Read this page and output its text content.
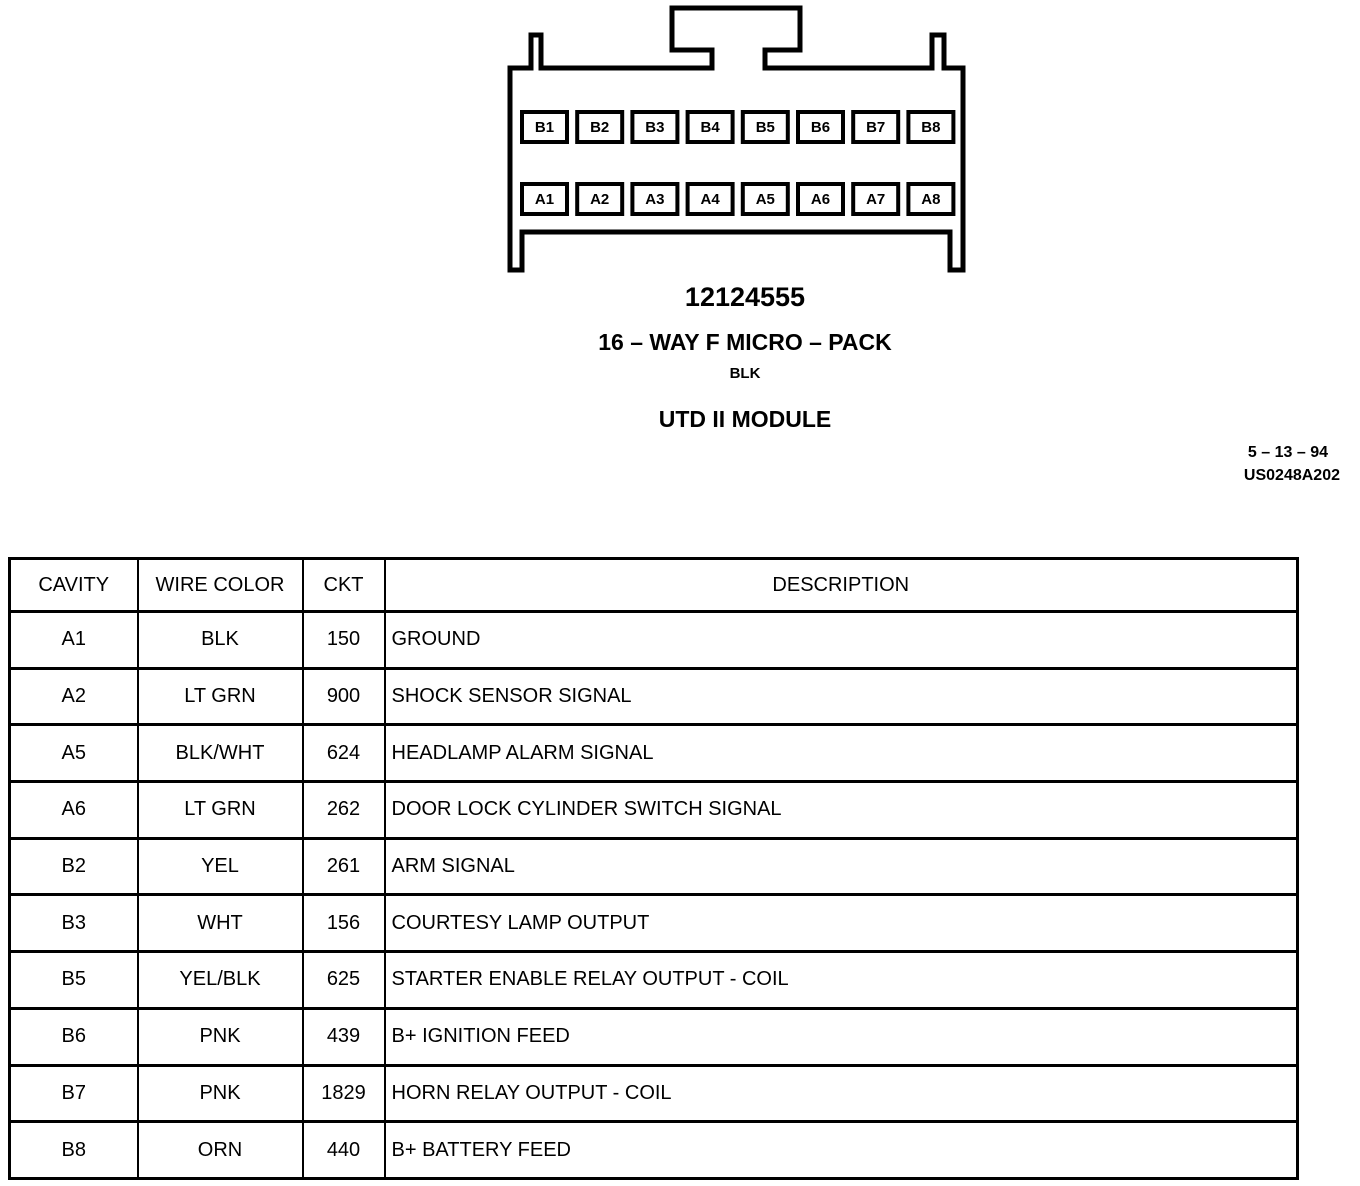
B1 B2 B3 B4 B5 B6 B7 B8
A1 A2 A3 A4 A5 A6 A7 A8
12124555
16 – WAY F MICRO – PACK
BLK
UTD II MODULE
5 – 13 – 94
US0248A202
CAVITY	WIRE COLOR	CKT	DESCRIPTION
A1	BLK	150	GROUND
A2	LT GRN	900	SHOCK SENSOR SIGNAL
A5	BLK/WHT	624	HEADLAMP ALARM SIGNAL
A6	LT GRN	262	DOOR LOCK CYLINDER SWITCH SIGNAL
B2	YEL	261	ARM SIGNAL
B3	WHT	156	COURTESY LAMP OUTPUT
B5	YEL/BLK	625	STARTER ENABLE RELAY OUTPUT - COIL
B6	PNK	439	B+ IGNITION FEED
B7	PNK	1829	HORN RELAY OUTPUT - COIL
B8	ORN	440	B+ BATTERY FEED
